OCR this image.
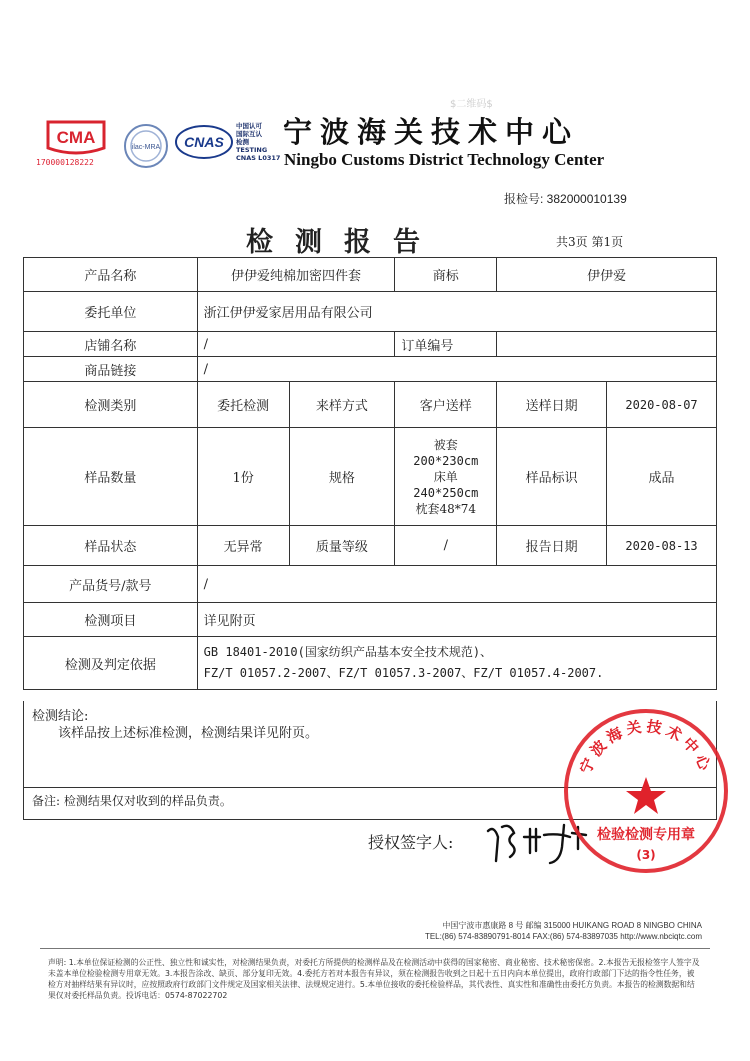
CMA
170000128222
ilac-MRA CNAS
中国认可
国际互认
检测
TESTING
CNAS L0317
$二维码$
宁波海关技术中心
Ningbo Customs District Technology Center
报检号: 382000010139
检测报告	共3页 第1页
产品名称	伊伊爱纯棉加密四件套		商标	伊伊爱	
委托单位	浙江伊伊爱家居用品有限公司				
店铺名称	/		订单编号		
商品链接	/				
检测类别	委托检测	来样方式	客户送样	送样日期	2020-08-07
样品数量	1份	规格	被套
200*230cm
床单
240*250cm
枕套48*74	样品标识	成品
样品状态	无异常	质量等级	/	报告日期	2020-08-13
产品货号/款号	/				
检测项目	详见附页				
检测及判定依据	GB 18401-2010(国家纺织产品基本安全技术规范)、
FZ/T 01057.2-2007、FZ/T 01057.3-2007、FZ/T 01057.4-2007.				
检测结论:
该样品按上述标准检测，检测结果详见附页。
备注: 检测结果仅对收到的样品负责。
授权签字人:
宁波海关技术中心
检验检测专用章
(3)
中国宁波市惠康路 8 号 邮编 315000 HUIKANG ROAD 8 NINGBO CHINA
TEL:(86) 574-83890791-8014 FAX:(86) 574-83897035 http://www.nbciqtc.com
声明: 1.本单位保证检测的公正性、独立性和诚实性，对检测结果负责，对委托方所提供的检测样品及在检测活动中获得的国家秘密、商业秘密、技术秘密保密。2.本报告无报检签字人签字及未盖本单位检验检测专用章无效。3.本报告涂改、缺页、部分复印无效。4.委托方若对本报告有异议，须在检测报告收到之日起十五日内向本单位提出，政府行政部门下达的指令性任务，被检方对抽样结果有异议时，应按照政府行政部门文件规定及国家相关法律、法规规定进行。5.本单位接收的委托检验样品，其代表性、真实性和准确性由委托方负责。本报告的检测数据和结果仅对委托样品负责。投诉电话：0574-87022702
